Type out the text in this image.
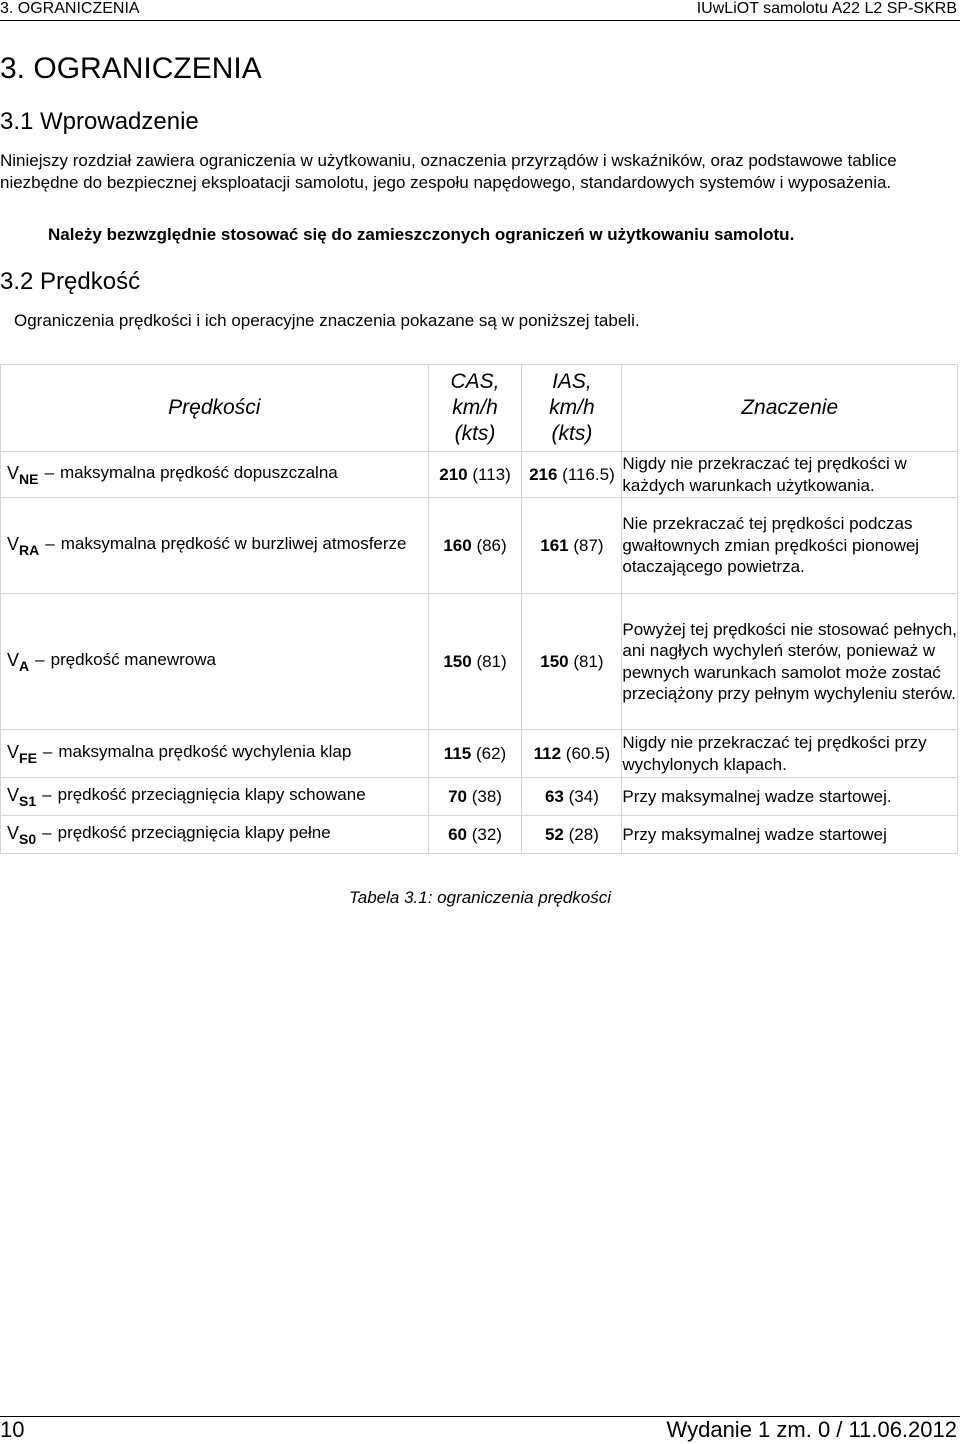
3. OGRANICZENIA	IUwLiOT samolotu A22 L2 SP-SKRB
3. OGRANICZENIA
3.1 Wprowadzenie

Niniejszy rozdział zawiera ograniczenia w użytkowaniu, oznaczenia przyrządów i wskaźników, oraz podstawowe tablice niezbędne do bezpiecznej eksploatacji samolotu, jego zespołu napędowego, standardowych systemów i wyposażenia.

Należy bezwzględnie stosować się do zamieszczonych ograniczeń w użytkowaniu samolotu.

3.2 Prędkość

Ograniczenia prędkości i ich operacyjne znaczenia pokazane są w poniższej tabeli.

Prędkości	CAS,
km/h
(kts)	IAS,
km/h
(kts)	Znaczenie

$V_{NE}$ – maksymalna prędkość dopuszczalna	210 (113)	216 (116.5)	Nigdy nie przekraczać tej prędkości w każdych warunkach użytkowania.

$V_{RA}$ – maksymalna prędkość w burzliwej atmosferze	160 (86)	161 (87)	Nie przekraczać tej prędkości podczas gwałtownych zmian prędkości pionowej otaczającego powietrza.

$V_A$ – prędkość manewrowa	150 (81)	150 (81)	Powyżej tej prędkości nie stosować pełnych, ani nagłych wychyleń sterów, ponieważ w pewnych warunkach samolot może zostać przeciążony przy pełnym wychyleniu sterów.

$V_{FE}$ – maksymalna prędkość wychylenia klap	115 (62)	112 (60.5)	Nigdy nie przekraczać tej prędkości przy wychylonych klapach.

$V_{S1}$ – prędkość przeciągnięcia klapy schowane	70 (38)	63 (34)	Przy maksymalnej wadze startowej.

$V_{S0}$ – prędkość przeciągnięcia klapy pełne	60 (32)	52 (28)	Przy maksymalnej wadze startowej

Tabela 3.1: ograniczenia prędkości

10	Wydanie 1 zm. 0 / 11.06.2012
